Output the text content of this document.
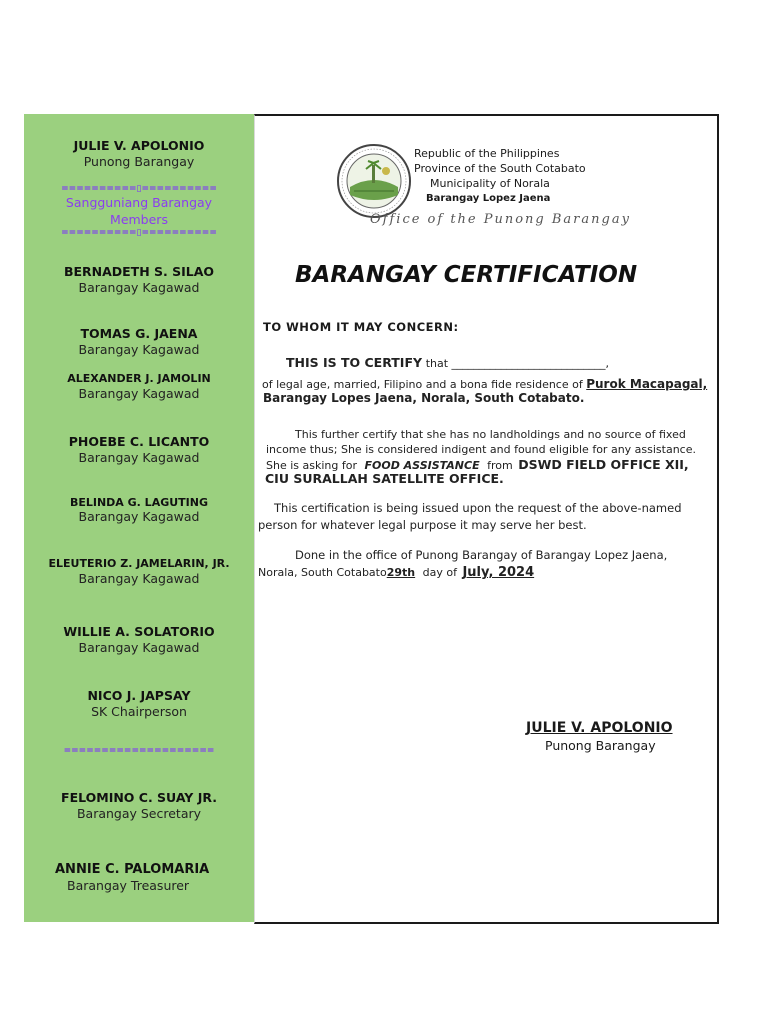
JULIE V. APOLONIO
Punong Barangay
==========▯==========
Sangguniang Barangay
Members
==========▯==========
BERNADETH S. SILAO
Barangay Kagawad
TOMAS G. JAENA
Barangay Kagawad
ALEXANDER J. JAMOLIN
Barangay Kagawad
PHOEBE C. LICANTO
Barangay Kagawad
BELINDA G. LAGUTING
Barangay Kagawad
ELEUTERIO Z. JAMELARIN, JR.
Barangay Kagawad
WILLIE A. SOLATORIO
Barangay Kagawad
NICO J. JAPSAY
SK Chairperson
====================
FELOMINO C. SUAY JR.
Barangay Secretary
ANNIE C. PALOMARIA
Barangay Treasurer
Republic of the Philippines
Province of the South Cotabato
Municipality of Norala
Barangay Lopez Jaena
Office of the Punong Barangay
BARANGAY CERTIFICATION
TO WHOM IT MAY CONCERN:
THIS IS TO CERTIFY that ____________________________,
of legal age, married, Filipino and a bona fide residence of Purok Macapagal,
Barangay Lopes Jaena, Norala, South Cotabato.
This further certify that she has no landholdings and no source of fixed
income thus; She is considered indigent and found eligible for any assistance.
She is asking for FOOD ASSISTANCE from DSWD FIELD OFFICE XII,
CIU SURALLAH SATELLITE OFFICE.
This certification is being issued upon the request of the above-named
person for whatever legal purpose it may serve her best.
Done in the office of Punong Barangay of Barangay Lopez Jaena,
Norala, South Cotabato29th day of July, 2024
JULIE V. APOLONIO
Punong Barangay
